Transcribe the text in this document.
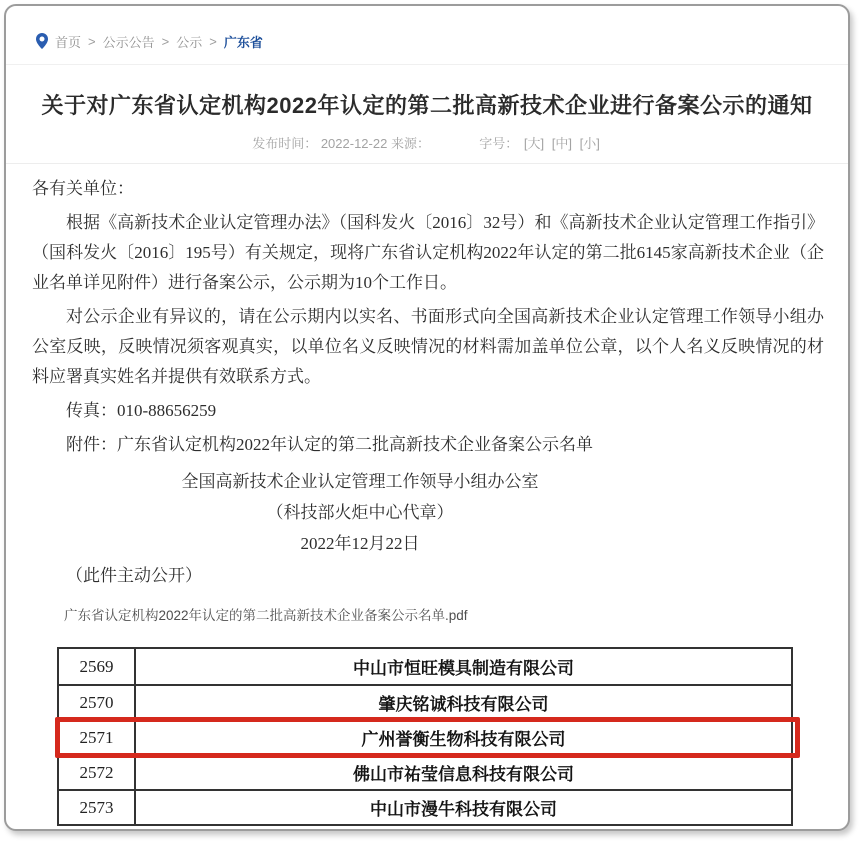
首页 > 公示公告 > 公示 > 广东省
关于对广东省认定机构2022年认定的第二批高新技术企业进行备案公示的通知
发布时间： 2022-12-22 来源：	字号： [大] [中] [小]

各有关单位：

根据《高新技术企业认定管理办法》（国科发火〔2016〕32号）和《高新技术企业认定管理工作指引》（国科发火〔2016〕195号）有关规定，现将广东省认定机构2022年认定的第二批6145家高新技术企业（企业名单详见附件）进行备案公示，公示期为10个工作日。

对公示企业有异议的，请在公示期内以实名、书面形式向全国高新技术企业认定管理工作领导小组办公室反映，反映情况须客观真实，以单位名义反映情况的材料需加盖单位公章，以个人名义反映情况的材料应署真实姓名并提供有效联系方式。

传真：010-88656259

附件：广东省认定机构2022年认定的第二批高新技术企业备案公示名单

全国高新技术企业认定管理工作领导小组办公室
（科技部火炬中心代章）
2022年12月22日

（此件主动公开）

广东省认定机构2022年认定的第二批高新技术企业备案公示名单.pdf

2569	中山市恒旺模具制造有限公司
2570	肇庆铭诚科技有限公司
2571	广州誉衡生物科技有限公司
2572	佛山市祐莹信息科技有限公司
2573	中山市漫牛科技有限公司
